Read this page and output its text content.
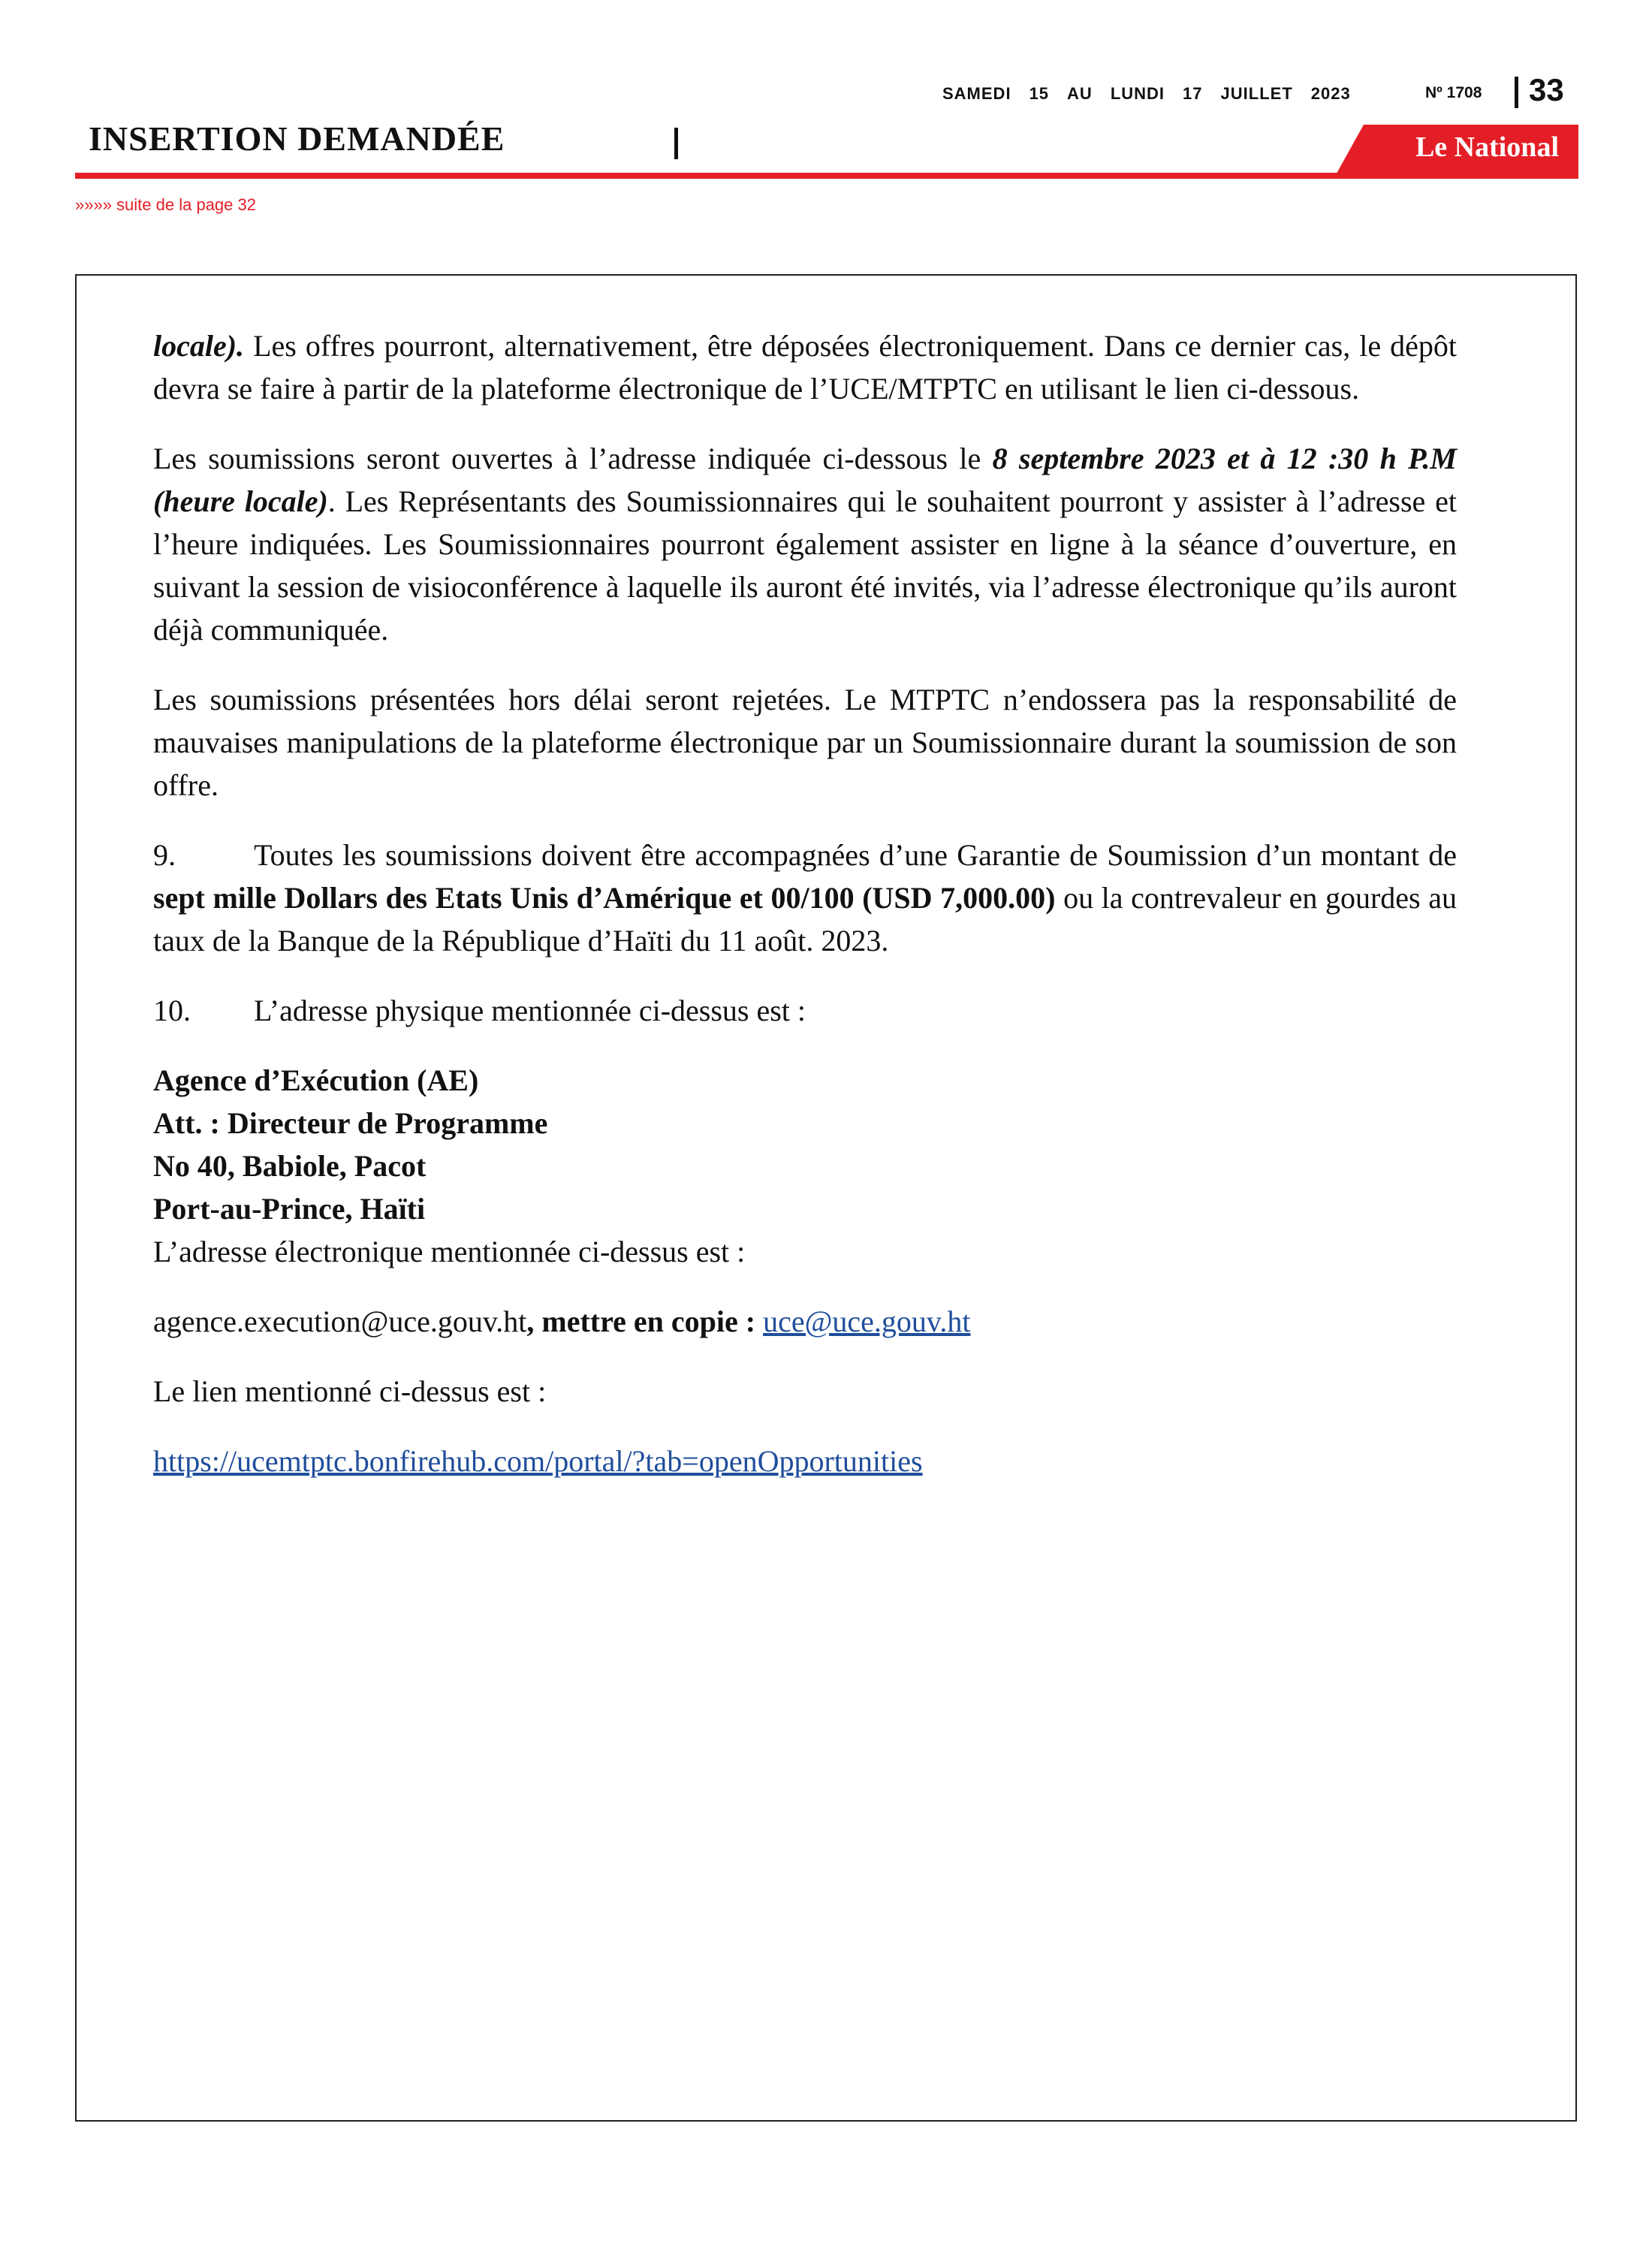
SAMEDI 15 AU LUNDI 17 JUILLET 2023	Nº 1708 33
INSERTION DEMANDÉE	Le National
»»»» suite de la page 32

locale). Les offres pourront, alternativement, être déposées électroniquement. Dans ce dernier cas, le dépôt devra se faire à partir de la plateforme électronique de l’UCE/MTPTC en utilisant le lien ci-dessous.

Les soumissions seront ouvertes à l’adresse indiquée ci-dessous le 8 septembre 2023 et à 12 :30 h P.M (heure locale). Les Représentants des Soumissionnaires qui le souhaitent pourront y assister à l’adresse et l’heure indiquées. Les Soumissionnaires pourront également assister en ligne à la séance d’ouverture, en suivant la session de visioconférence à laquelle ils auront été invités, via l’adresse électronique qu’ils auront déjà communiquée.

Les soumissions présentées hors délai seront rejetées. Le MTPTC n’endossera pas la responsabilité de mauvaises manipulations de la plateforme électronique par un Soumissionnaire durant la soumission de son offre.

9.	Toutes les soumissions doivent être accompagnées d’une Garantie de Soumission d’un montant de sept mille Dollars des Etats Unis d’Amérique et 00/100 (USD 7,000.00) ou la contrevaleur en gourdes au taux de la Banque de la République d’Haïti du 11 août. 2023.

10. L’adresse physique mentionnée ci-dessus est :

Agence d’Exécution (AE)
Att. : Directeur de Programme
No 40, Babiole, Pacot
Port-au-Prince, Haïti
L’adresse électronique mentionnée ci-dessus est :

agence.execution@uce.gouv.ht, mettre en copie : uce@uce.gouv.ht

Le lien mentionné ci-dessus est :

https://ucemtptc.bonfirehub.com/portal/?tab=openOpportunities
